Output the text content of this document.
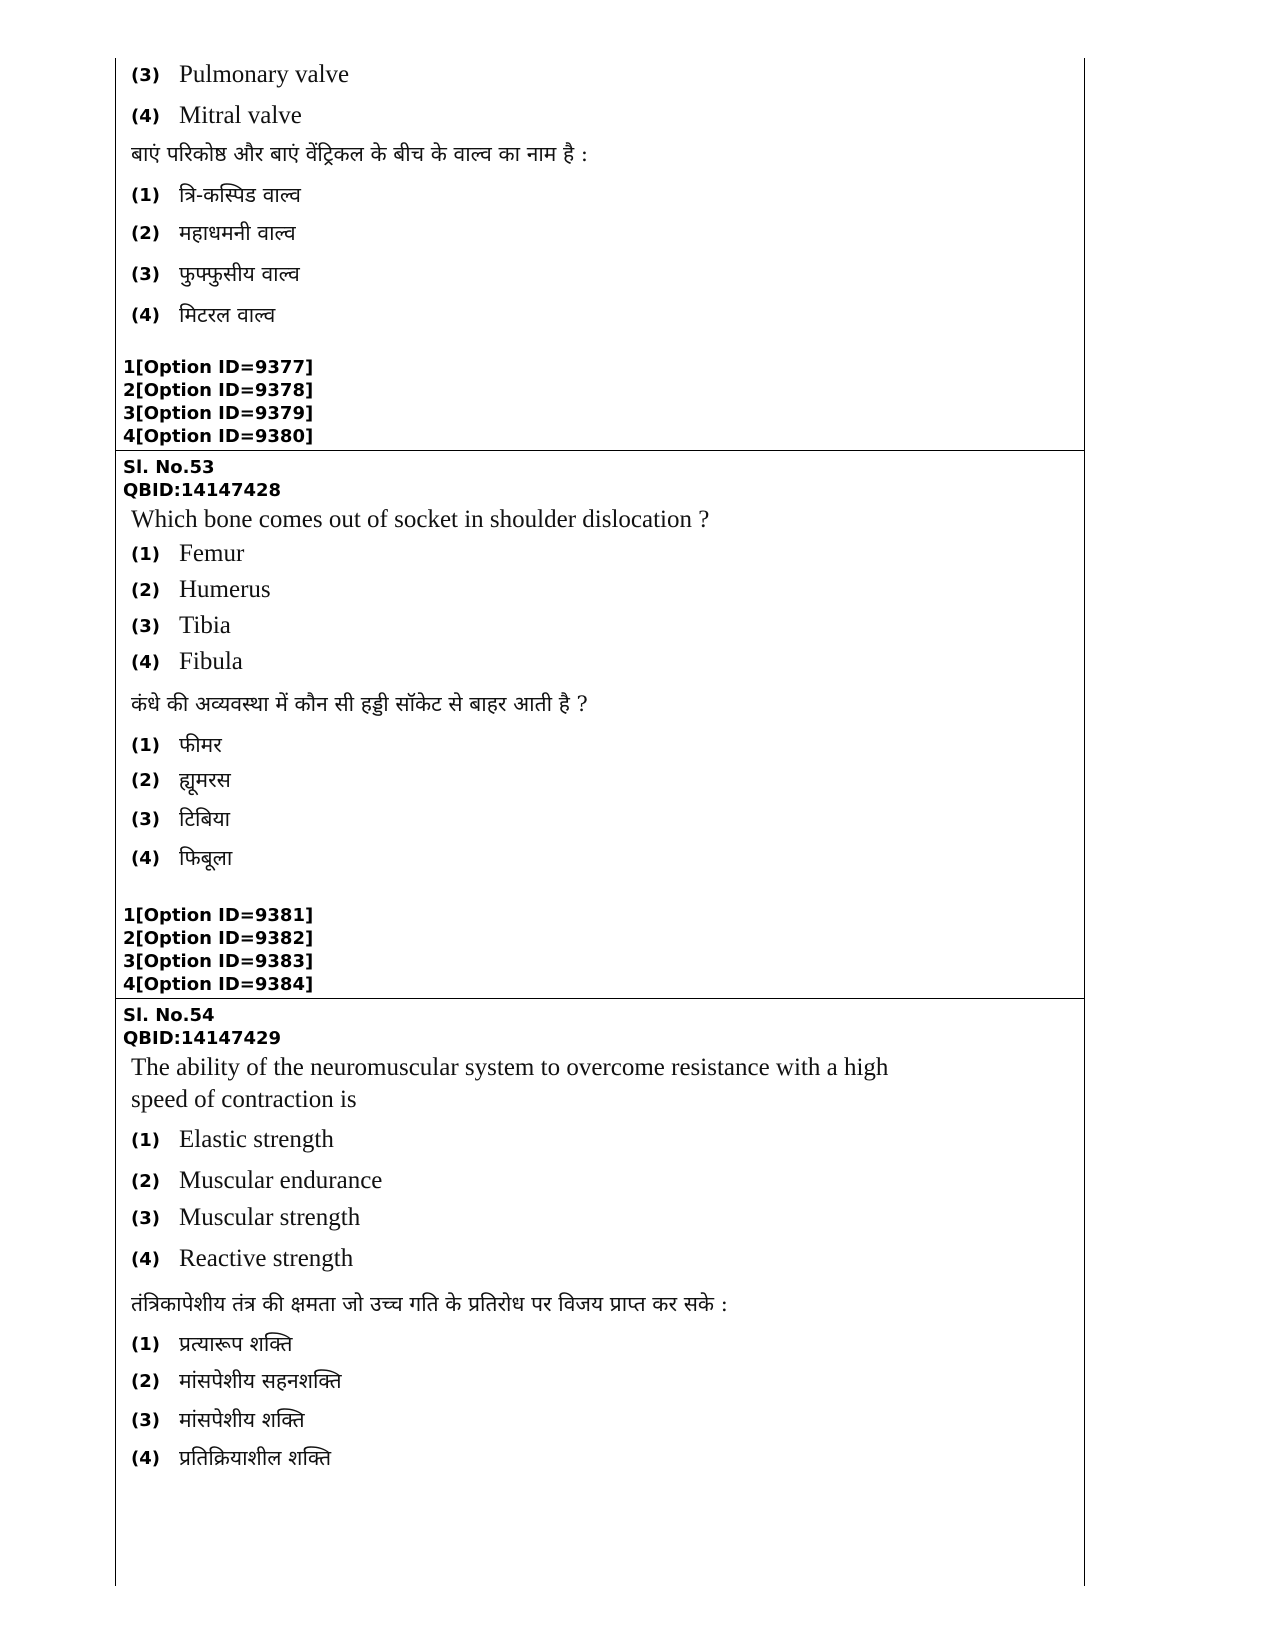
(3) Pulmonary valve
(4) Mitral valve
बाएं परिकोष्ठ और बाएं वेंट्रिकल के बीच के वाल्व का नाम है :
(1) त्रि-कस्पिड वाल्व
(2) महाधमनी वाल्व
(3) फुफ्फुसीय वाल्व
(4) मिटरल वाल्व
1[Option ID=9377]
2[Option ID=9378]
3[Option ID=9379]
4[Option ID=9380]
Sl. No.53
QBID:14147428
Which bone comes out of socket in shoulder dislocation ?
(1) Femur
(2) Humerus
(3) Tibia
(4) Fibula
कंधे की अव्यवस्था में कौन सी हड्डी सॉकेट से बाहर आती है ?
(1) फीमर
(2) ह्यूमरस
(3) टिबिया
(4) फिबूला
1[Option ID=9381]
2[Option ID=9382]
3[Option ID=9383]
4[Option ID=9384]
Sl. No.54
QBID:14147429
The ability of the neuromuscular system to overcome resistance with a high
speed of contraction is
(1) Elastic strength
(2) Muscular endurance
(3) Muscular strength
(4) Reactive strength
तंत्रिकापेशीय तंत्र की क्षमता जो उच्च गति के प्रतिरोध पर विजय प्राप्त कर सके :
(1) प्रत्यारूप शक्ति
(2) मांसपेशीय सहनशक्ति
(3) मांसपेशीय शक्ति
(4) प्रतिक्रियाशील शक्ति
